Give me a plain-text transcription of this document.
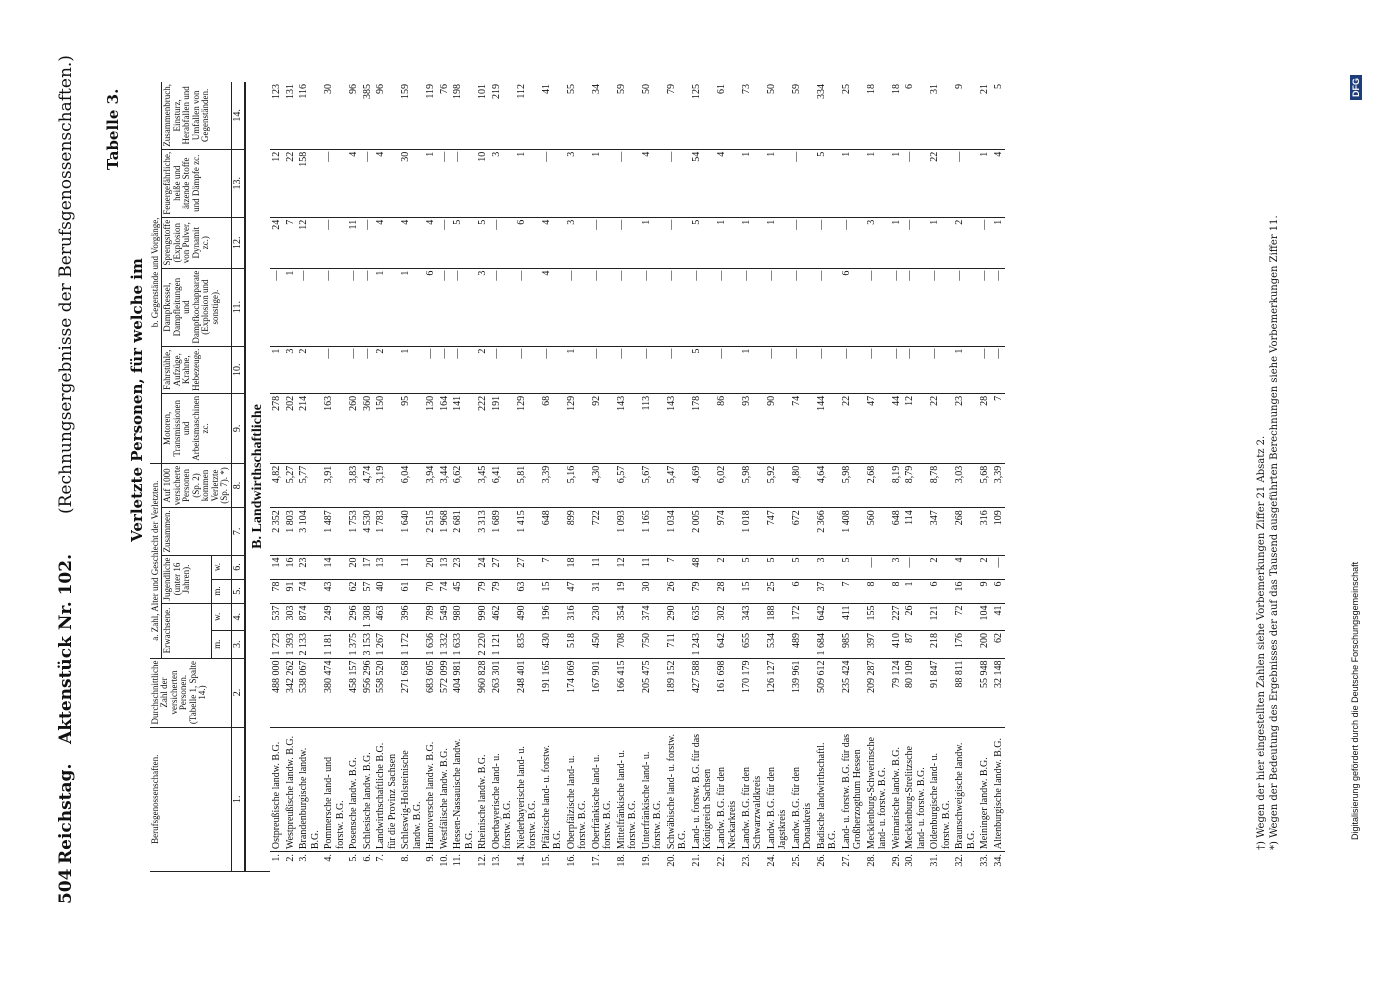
504
Reichstag.
Aktenstück Nr. 102.
(Rechnungsergebnisse der Berufsgenossenschaften.) Tabelle 3.
Verletzte Personen, für welche im
Berufsgenossenschaften.		Durchschnittliche Zahl der versicherten Personen. (Tabelle 1, Spalte 14.)	a. Zahl, Alter und Geschlecht der Verletzten.						b. Gegenstände und Vorgänge,					
			Erwachsene.		Jugendliche (unter 16 Jahren).		Zusammen.	Auf 1000 versicherte Personen (Sp. 2) kommen Verletzte (Sp. 7). *)	Motoren, Transmissionen und Arbeitsmaschinen zc.	Fahrstühle, Aufzüge, Krahne, Hebezeuge.	Dampfkessel, Dampfleitungen und Dampfkochapparate (Explosion und sonstige).	Sprengstoffe (Explosion von Pulver, Dynamit zc.)	Feuergefährliche, heiße und ätzende Stoffe und Dämpfe zc.	Zusammenbruch, Einsturz, Herabfallen und Umfallen von Gegenständen.
			m.	w.	m.	w.								
1.		2.	3.	4.	5.	6.	7.	8.	9.	10.	11.	12.	13.	14.
B. Landwirthschaftliche														
1.	Ostpreußische landw. B.G.	488 000	1 723	537	78	14	2 352	4,82	278	1	—	24	12	123
2.	Westpreußische landw. B.G.	342 262	1 393	303	91	16	1 803	5,27	202	3	1	7	22	131
3.	Brandenburgische landw. B.G.	538 067	2 133	874	74	23	3 104	5,77	214	2	—	12	158	116
4.	Pommersche land- und forstw. B.G.	380 474	1 181	249	43	14	1 487	3,91	163	—	—	—	—	30
5.	Posensche landw. B.G.	458 157	1 375	296	62	20	1 753	3,83	260	—	—	11	4	96
6.	Schlesische landw. B.G.	956 296	3 153	1 308	57	17	4 530	4,74	360	—	—	—	—	385
7.	Landwirthschaftliche B.G. für die Provinz Sachsen	558 520	1 267	463	40	13	1 783	3,19	150	2	1	4	4	96
8.	Schleswig-Holsteinische landw. B.G.	271 658	1 172	396	61	11	1 640	6,04	95	1	1	4	30	159
9.	Hannoversche landw. B.G.	683 605	1 636	789	70	20	2 515	3,94	130	—	6	4	1	119
10.	Westfälische landw. B.G.	572 099	1 332	549	74	13	1 968	3,44	164	—	—	—	—	76
11.	Hessen-Nassauische landw. B.G.	404 981	1 633	980	45	23	2 681	6,62	141	—	—	5	—	198
12.	Rheinische landw. B.G.	960 828	2 220	990	79	24	3 313	3,45	222	2	3	5	10	101
13.	Oberbayerische land- u. forstw. B.G.	263 301	1 121	462	79	27	1 689	6,41	191	—	—	—	3	219
14.	Niederbayerische land- u. forstw. B.G.	248 401	835	490	63	27	1 415	5,81	129	—	—	6	1	112
15.	Pfälzische land- u. forstw. B.G.	191 165	430	196	15	7	648	3,39	68	—	4	4	—	41
16.	Oberpfälzische land- u. forstw. B.G.	174 069	518	316	47	18	899	5,16	129	1	—	3	3	55
17.	Oberfränkische land- u. forstw. B.G.	167 901	450	230	31	11	722	4,30	92	—	—	—	1	34
18.	Mittelfränkische land- u. forstw. B.G.	166 415	708	354	19	12	1 093	6,57	143	—	—	—	—	59
19.	Unterfränkische land- u. forstw. B.G.	205 475	750	374	30	11	1 165	5,67	113	—	—	1	4	50
20.	Schwäbische land- u. forstw. B.G.	189 152	711	290	26	7	1 034	5,47	143	—	—	—	—	79
21.	Land- u. forstw. B.G. für das Königreich Sachsen	427 588	1 243	635	79	48	2 005	4,69	178	5	—	5	54	125
22.	Landw. B.G. für den Neckarkreis	161 698	642	302	28	2	974	6,02	86	—	—	1	4	61
23.	Landw. B.G. für den Schwarzwaldkreis	170 179	655	343	15	5	1 018	5,98	93	1	—	1	1	73
24.	Landw. B.G. für den Jagstkreis	126 127	534	188	25	5	747	5,92	90	—	—	1	1	50
25.	Landw. B.G. für den Donaukreis	139 961	489	172	6	5	672	4,80	74	—	—	—	—	59
26.	Badische landwirthschaftl. B.G.	509 612	1 684	642	37	3	2 366	4,64	144	—	—	—	5	334
27.	Land- u. forstw. B.G. für das Großherzogthum Hessen	235 424	985	411	7	5	1 408	5,98	22	—	6	—	1	25
28.	Mecklenburg-Schwerinsche land- u. forstw. B.G.	209 287	397	155	8	—	560	2,68	47	—	—	3	1	18
29.	Weimarische landw. B.G.	79 124	410	227	8	3	648	8,19	44	—	—	1	1	18
30.	Mecklenburg-Strelitzsche land- u. forstw. B.G.	80 109	87	26	1	—	114	8,79	12	—	—	—	—	6
31.	Oldenburgische land- u. forstw. B.G.	91 847	218	121	6	2	347	8,78	22	—	—	1	22	31
32.	Braunschweigische landw. B.G.	88 811	176	72	16	4	268	3,03	23	1	—	2	—	9
33.	Meininger landw. B.G.	55 948	200	104	9	2	316	5,68	28	—	—	—	1	21
34.	Altenburgische landw. B.G.	32 148	62	41	6	—	109	3,39	7	—	—	1	4	5
†) Wegen der hier eingestellten Zahlen siehe Vorbemerkungen Ziffer 21 Absatz 2. *) Wegen der Bedeutung des Ergebnisses der auf das Tausend ausgeführten Berechnungen siehe Vorbemerkungen Ziffer 11.	Digitalisierung gefördert durch die Deutsche Forschungsgemeinschaft
DFG
